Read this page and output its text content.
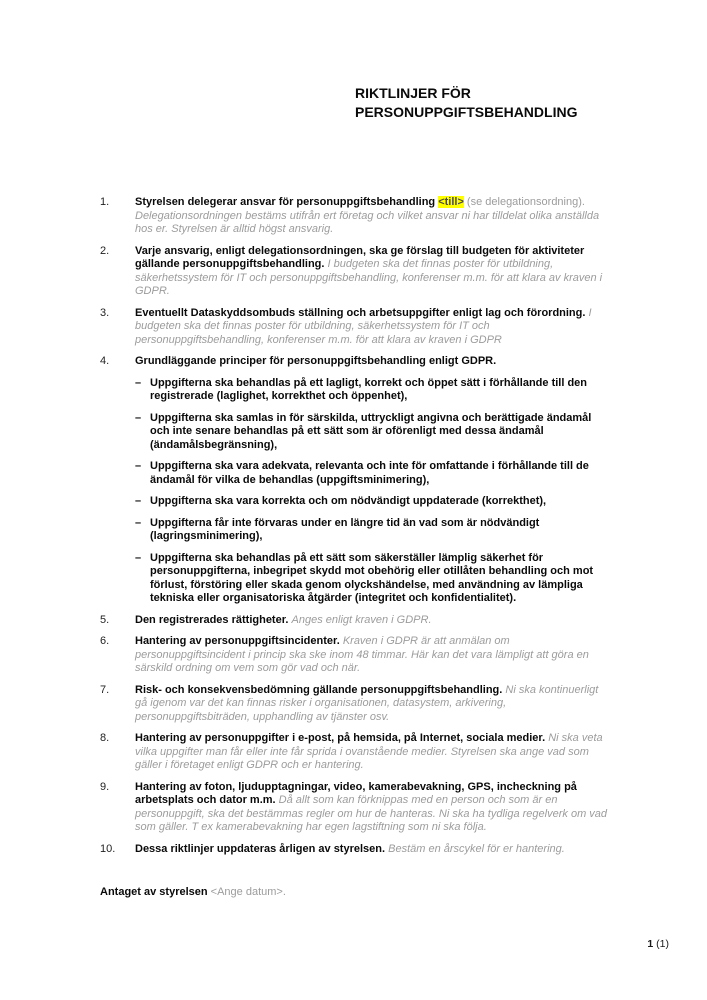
RIKTLINJER FÖR
PERSONUPPGIFTSBEHANDLING
1.	Styrelsen delegerar ansvar för personuppgiftsbehandling <till> (se delegationsordning). Delegationsordningen bestäms utifrån ert företag och vilket ansvar ni har tilldelat olika anställda hos er. Styrelsen är alltid högst ansvarig.

2.	Varje ansvarig, enligt delegationsordningen, ska ge förslag till budgeten för aktiviteter gällande personuppgiftsbehandling. I budgeten ska det finnas poster för utbildning, säkerhetssystem för IT och personuppgiftsbehandling, konferenser m.m. för att klara av kraven i GDPR.

3.	Eventuellt Dataskyddsombuds ställning och arbetsuppgifter enligt lag och förordning. I budgeten ska det finnas poster för utbildning, säkerhetssystem för IT och personuppgiftsbehandling, konferenser m.m. för att klara av kraven i GDPR

4.	Grundläggande principer för personuppgiftsbehandling enligt GDPR.

– Uppgifterna ska behandlas på ett lagligt, korrekt och öppet sätt i förhållande till den registrerade (laglighet, korrekthet och öppenhet),
– Uppgifterna ska samlas in för särskilda, uttryckligt angivna och berättigade ändamål och inte senare behandlas på ett sätt som är oförenligt med dessa ändamål (ändamålsbegränsning),
– Uppgifterna ska vara adekvata, relevanta och inte för omfattande i förhållande till de ändamål för vilka de behandlas (uppgiftsminimering),
– Uppgifterna ska vara korrekta och om nödvändigt uppdaterade (korrekthet),
– Uppgifterna får inte förvaras under en längre tid än vad som är nödvändigt (lagringsminimering),
– Uppgifterna ska behandlas på ett sätt som säkerställer lämplig säkerhet för personuppgifterna, inbegripet skydd mot obehörig eller otillåten behandling och mot förlust, förstöring eller skada genom olyckshändelse, med användning av lämpliga tekniska eller organisatoriska åtgärder (integritet och konfidentialitet).
5.	Den registrerades rättigheter. Anges enligt kraven i GDPR.

6.	Hantering av personuppgiftsincidenter. Kraven i GDPR är att anmälan om personuppgiftsincident i princip ska ske inom 48 timmar. Här kan det vara lämpligt att göra en särskild ordning om vem som gör vad och när.

7.	Risk- och konsekvensbedömning gällande personuppgiftsbehandling. Ni ska kontinuerligt gå igenom var det kan finnas risker i organisationen, datasystem, arkivering, personuppgiftsbiträden, upphandling av tjänster osv.

8.	Hantering av personuppgifter i e-post, på hemsida, på Internet, sociala medier. Ni ska veta vilka uppgifter man får eller inte får sprida i ovanstående medier. Styrelsen ska ange vad som gäller i företaget enligt GDPR och er hantering.

9.	Hantering av foton, ljudupptagningar, video, kamerabevakning, GPS, incheckning på arbetsplats och dator m.m. Då allt som kan förknippas med en person och som är en personuppgift, ska det bestämmas regler om hur de hanteras. Ni ska ha tydliga regelverk om vad som gäller. T ex kamerabevakning har egen lagstiftning som ni ska följa.

10.	Dessa riktlinjer uppdateras årligen av styrelsen. Bestäm en årscykel för er hantering.

Antaget av styrelsen <Ange datum>.
1 (1)
